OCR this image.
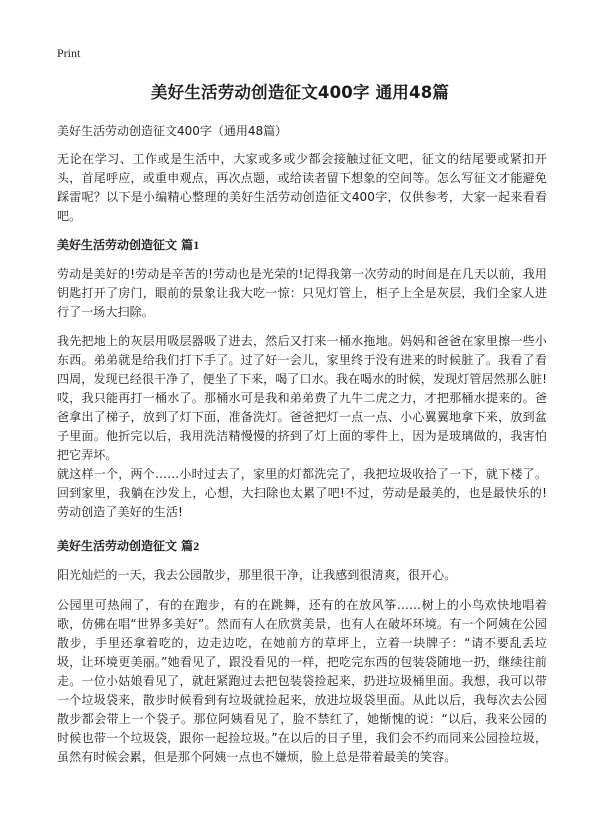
Print
美好生活劳动创造征文400字 通用48篇
美好生活劳动创造征文400字（通用48篇）
无论在学习、工作或是生活中，大家或多或少都会接触过征文吧，征文的结尾要或紧扣开头，首尾呼应，或重申观点，再次点题，或给读者留下想象的空间等。怎么写征文才能避免踩雷呢？以下是小编精心整理的美好生活劳动创造征文400字，仅供参考，大家一起来看看吧。
美好生活劳动创造征文 篇1
劳动是美好的!劳动是辛苦的!劳动也是光荣的!记得我第一次劳动的时间是在几天以前，我用钥匙打开了房门，眼前的景象让我大吃一惊：只见灯管上，柜子上全是灰层，我们全家人进行了一场大扫除。
我先把地上的灰层用吸层器吸了进去，然后又打来一桶水拖地。妈妈和爸爸在家里擦一些小东西。弟弟就是给我们打下手了。过了好一会儿，家里终于没有进来的时候脏了。我看了看四周，发现已经很干净了，便坐了下来，喝了口水。我在喝水的时候，发现灯管居然那么脏!哎，我只能再打一桶水了。那桶水可是我和弟弟费了九牛二虎之力，才把那桶水提来的。爸爸拿出了梯子，放到了灯下面，准备洗灯。爸爸把灯一点一点、小心翼翼地拿下来，放到盆子里面。他折完以后，我用洗洁精慢慢的挤到了灯上面的零件上，因为是玻璃做的，我害怕把它弄坏。
就这样一个，两个……小时过去了，家里的灯都洗完了，我把垃圾收拾了一下，就下楼了。回到家里，我躺在沙发上，心想，大扫除也太累了吧!不过，劳动是最美的，也是最快乐的!劳动创造了美好的生活!
美好生活劳动创造征文 篇2
阳光灿烂的一天，我去公园散步，那里很干净，让我感到很清爽，很开心。
公园里可热闹了，有的在跑步，有的在跳舞，还有的在放风筝……树上的小鸟欢快地唱着歌，仿佛在唱“世界多美好”。然而有人在欣赏美景，也有人在破坏环境。有一个阿姨在公园散步，手里还拿着吃的，边走边吃，在她前方的草坪上，立着一块牌子：“请不要乱丢垃圾，让环境更美丽。”她看见了，跟没看见的一样，把吃完东西的包装袋随地一扔，继续往前走。一位小姑娘看见了，就赶紧跑过去把包装袋捡起来，扔进垃圾桶里面。我想，我可以带一个垃圾袋来，散步时候看到有垃圾就捡起来，放进垃圾袋里面。从此以后，我每次去公园散步都会带上一个袋子。那位阿姨看见了，脸不禁红了，她惭愧的说：“以后，我来公园的时候也带一个垃圾袋，跟你一起捡垃圾。”在以后的日子里，我们会不约而同来公园捡垃圾，虽然有时候会累，但是那个阿姨一点也不嫌烦，脸上总是带着最美的笑容。
